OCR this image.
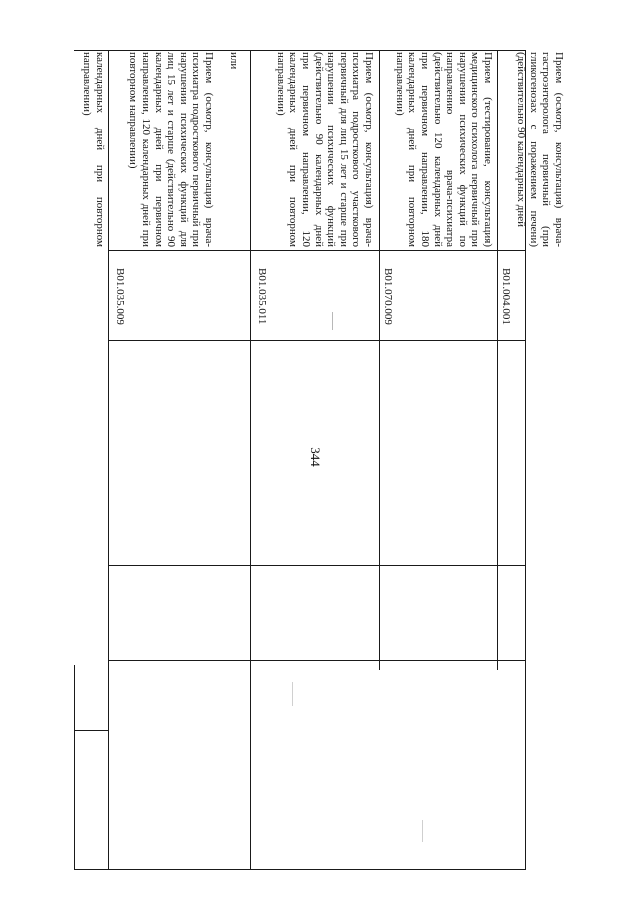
344
календарных дней при повторном направлении)	Прием (осмотр, консультация) врача-психиатра подросткового первичный при нарушении психических функций для лиц 15 лет и старше (действительно 90 календарных дней при первичном направлении, 120 календарных дней при повторном направлении)	или
B01.035.009
Прием (осмотр, консультация) врача-психиатра подросткового участкового первичный для лиц 15 лет и старше при нарушении психических функций (действительно 90 календарных дней при первичном направлении, 120 календарных дней при повторном направлении)
B01.035.011
Прием (тестирование, консультация) медицинского психолога первичный при нарушении психических функций по направлению врача-психиатра (действительно 120 календарных дней при первичном направлении, 180 календарных дней при повторном направлении)
B01.070.009
Прием (осмотр, консультация) врача-гастроэнтеролога первичный (при гликогенозах с поражением печени) (действительно 90 календарных дней
B01.004.001
